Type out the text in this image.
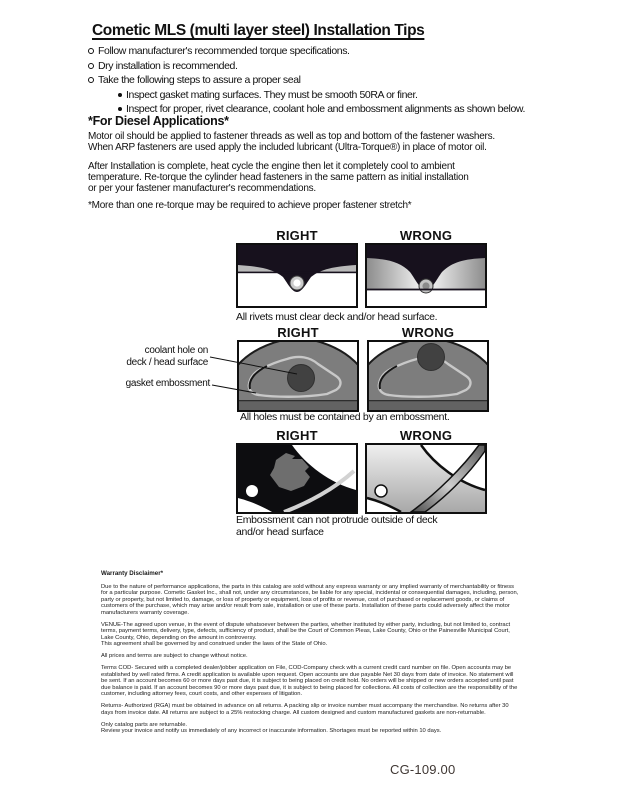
Cometic MLS (multi layer steel) Installation Tips
Follow manufacturer's recommended torque specifications.
Dry installation is recommended.
Take the following steps to assure a proper seal
Inspect gasket mating surfaces. They must be smooth 50RA or finer.
Inspect for proper, rivet clearance, coolant hole and embossment alignments as shown below.
*For Diesel Applications*
Motor oil should be applied to fastener threads as well as top and bottom of the fastener washers.
When ARP fasteners are used apply the included lubricant (Ultra-Torque®) in place of motor oil.
After Installation is complete, heat cycle the engine then let it completely cool to ambient
temperature. Re-torque the cylinder head fasteners in the same pattern as initial installation
or per your fastener manufacturer's recommendations.
*More than one re-torque may be required to achieve proper fastener stretch*
RIGHT	WRONG
All rivets must clear deck and/or head surface.
coolant hole on
deck / head surface
gasket embossment
RIGHT	WRONG
All holes must be contained by an embossment.
RIGHT	WRONG
Embossment can not protrude outside of deck
and/or head surface
Warranty Disclaimer*

Due to the nature of performance applications, the parts in this catalog are sold without any express warranty or any implied warranty of merchantability or fitness for a particular purpose. Cometic Gasket Inc., shall not, under any circumstances, be liable for any special, incidental or consequential damages, including, person, party or property, but not limited to, damage, or loss of property or equipment, loss of profits or revenue, cost of purchased or replacement goods, or claims of customers of the purchase, which may arise and/or result from sale, installation or use of these parts. Installation of these parts could adversely affect the motor manufacturers warranty coverage.

VENUE-The agreed upon venue, in the event of dispute whatsoever between the parties, whether instituted by either party, including, but not limited to, contract terms, payment terms, delivery, type, defects, sufficiency of product, shall be the Court of Common Pleas, Lake County, Ohio or the Painesville Municipal Court, Lake County, Ohio, depending on the amount in controversy.
This agreement shall be governed by and construed under the laws of the State of Ohio.

All prices and terms are subject to change without notice.

Terms COD- Secured with a completed dealer/jobber application on File, COD-Company check with a current credit card number on file. Open accounts may be established by well rated firms. A credit application is available upon request. Open accounts are due payable Net 30 days from date of invoice. No statement will be sent. If an account becomes 60 or more days past due, it is subject to being placed on credit hold. No orders will be shipped or new orders accepted until past due balance is paid. If an account becomes 90 or more days past due, it is subject to being placed for collections. All costs of collection are the responsibility of the customer, including attorney fees, court costs, and other expenses of litigation.

Returns- Authorized (RGA) must be obtained in advance on all returns. A packing slip or invoice number must accompany the merchandise. No returns after 30 days from invoice date. All returns are subject to a 25% restocking charge. All custom designed and custom manufactured gaskets are non-returnable.

Only catalog parts are returnable.
Review your invoice and notify us immediately of any incorrect or inaccurate information. Shortages must be reported within 10 days.

CG-109.00
